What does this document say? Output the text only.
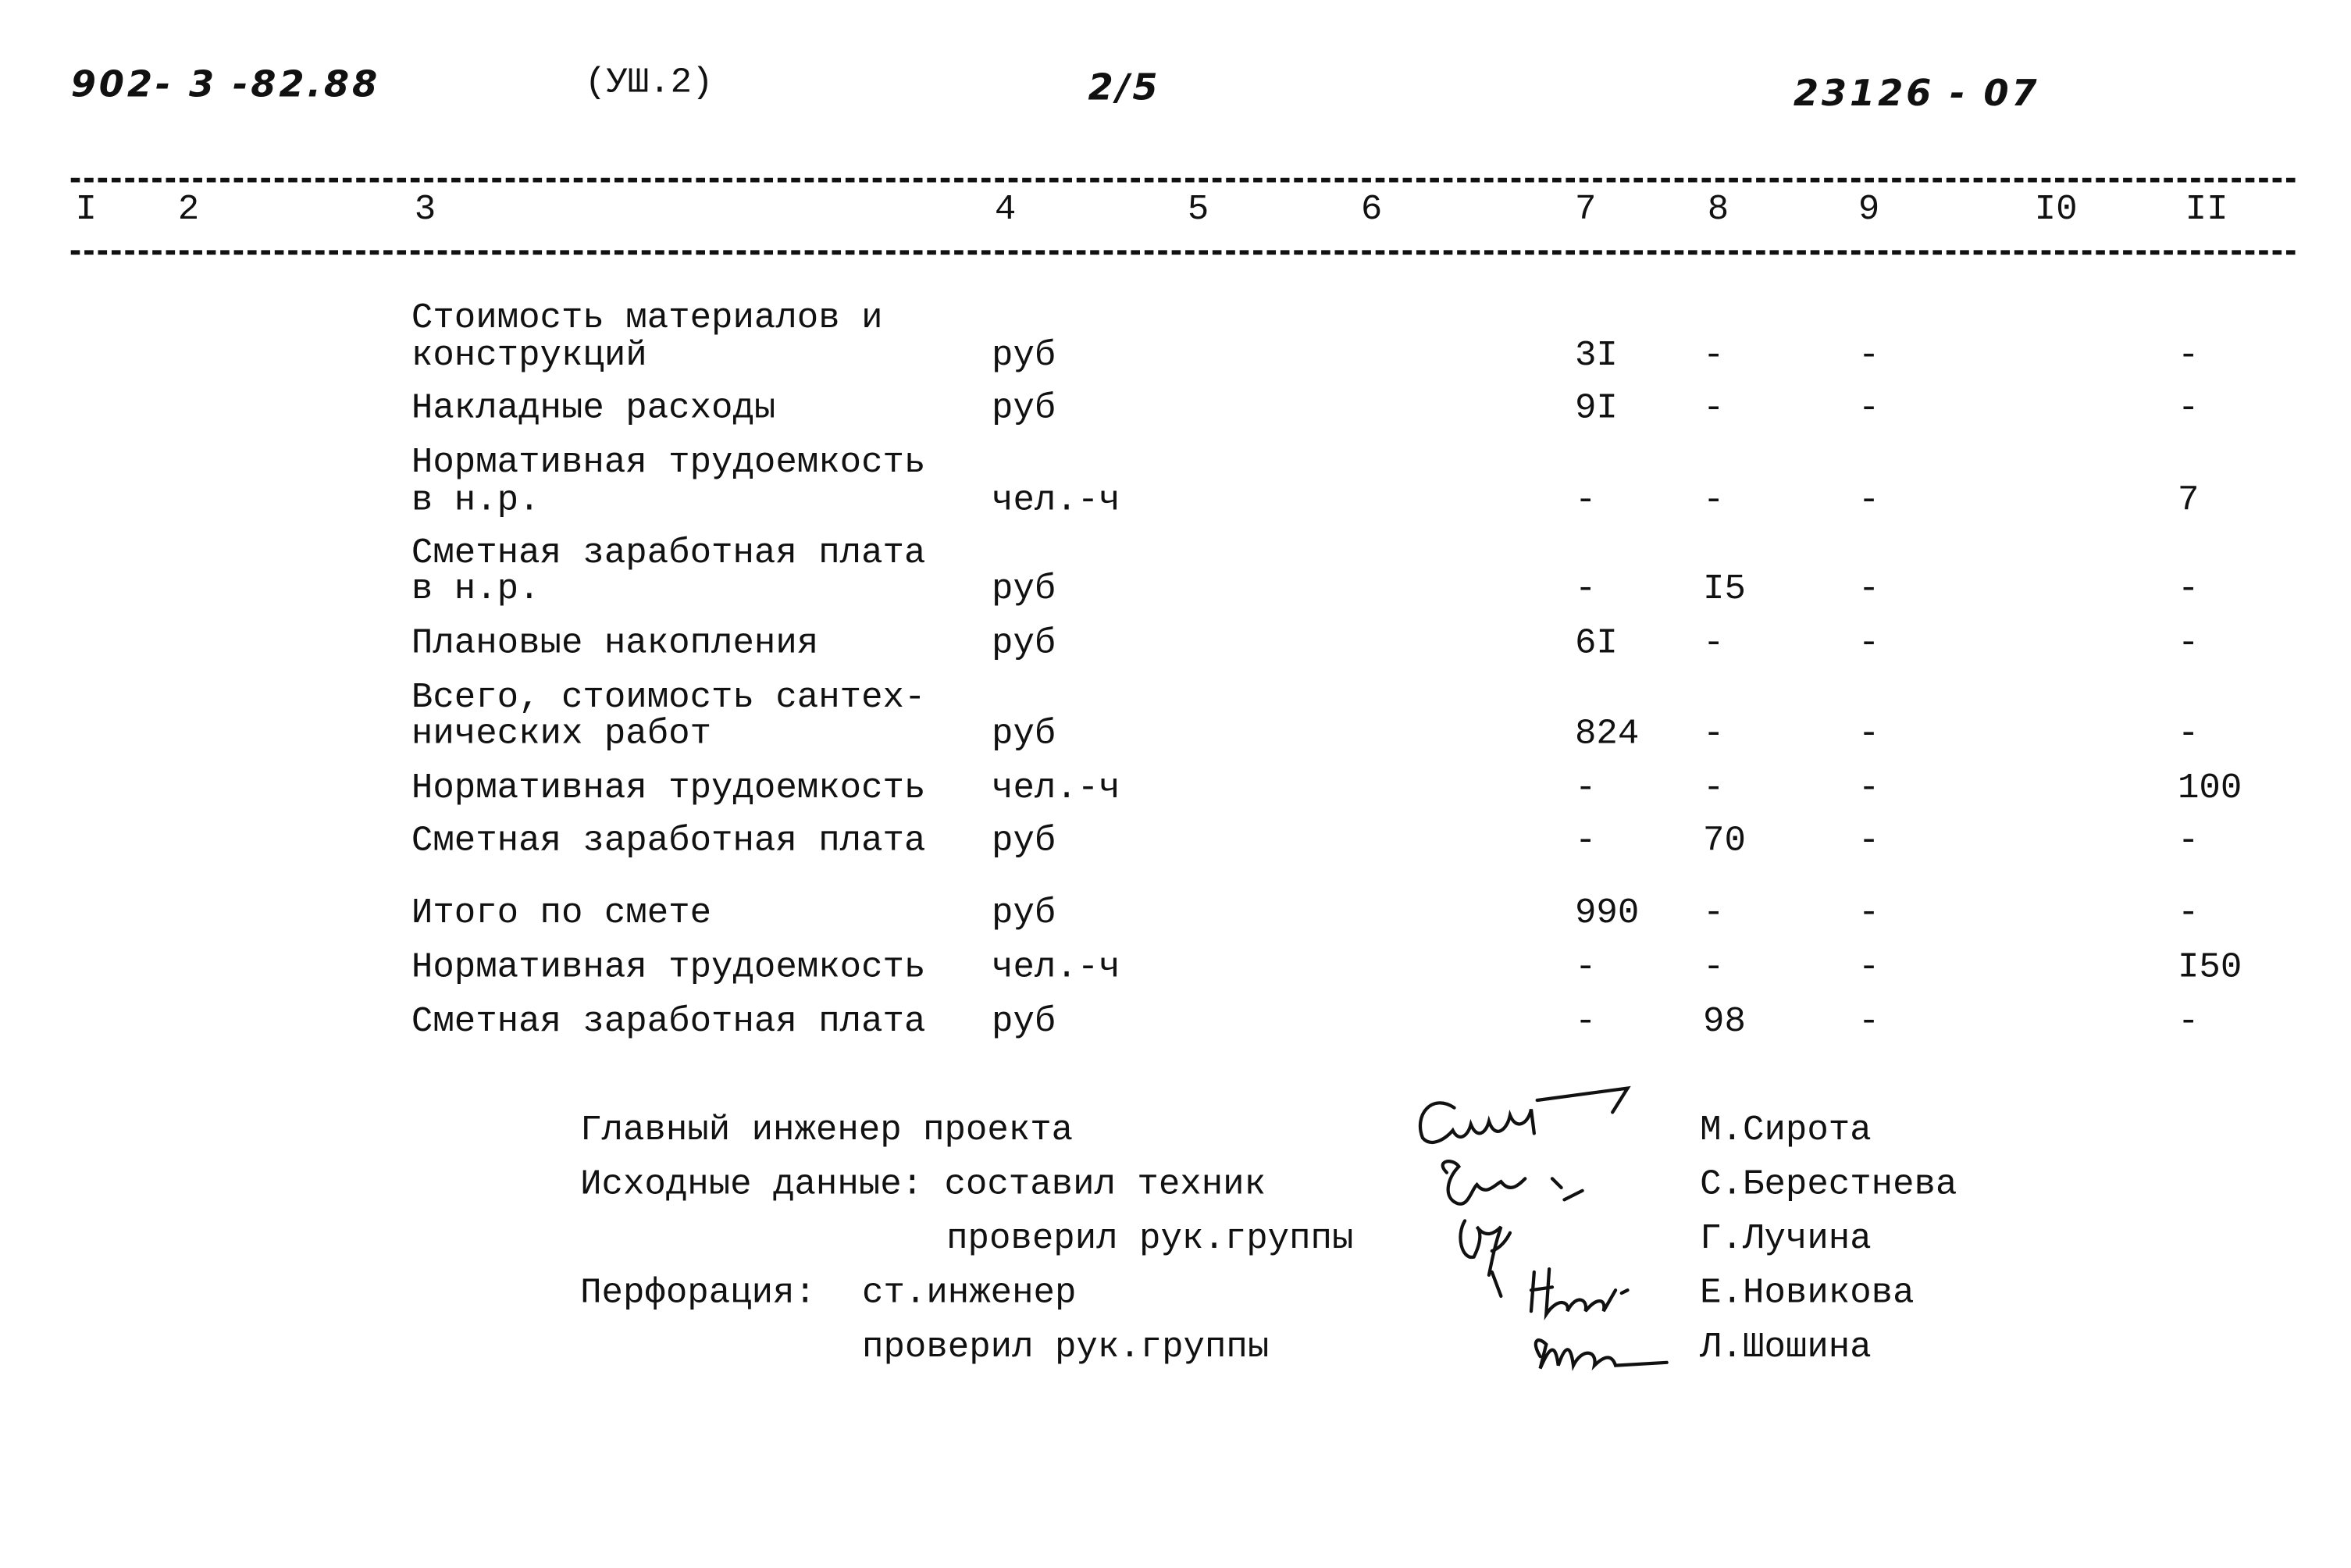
902- 3 -82.88	(УШ.2)	2/5	23126 - 07
Главный инженер проекта
Исходные данные: составил техник
проверил рук.группы
Перфорация: ст.инженер
проверил рук.группы
М.Сирота
С.Берестнева
Г.Лучина
Е.Новикова
Л.Шошина
I	2	3	4	5	6	7	8	9	I0	II
Стоимость материалов и
конструкций	руб	3I	-	-	-
Накладные расходы	руб	9I	-	-	-
Нормативная трудоемкость
в н.р.	чел.-ч	-	-	-	7
Сметная заработная плата
в н.р.	руб	-	I5	-	-
Плановые накопления	руб	6I	-	-	-
Всего, стоимость сантех-
нических работ	руб	824	-	-	-
Нормативная трудоемкость	чел.-ч	-	-	-	100
Сметная заработная плата	руб	-	70	-	-
Итого по смете	руб	990	-	-	-
Нормативная трудоемкость	чел.-ч	-	-	-	I50
Сметная заработная плата	руб	-	98	-	-
